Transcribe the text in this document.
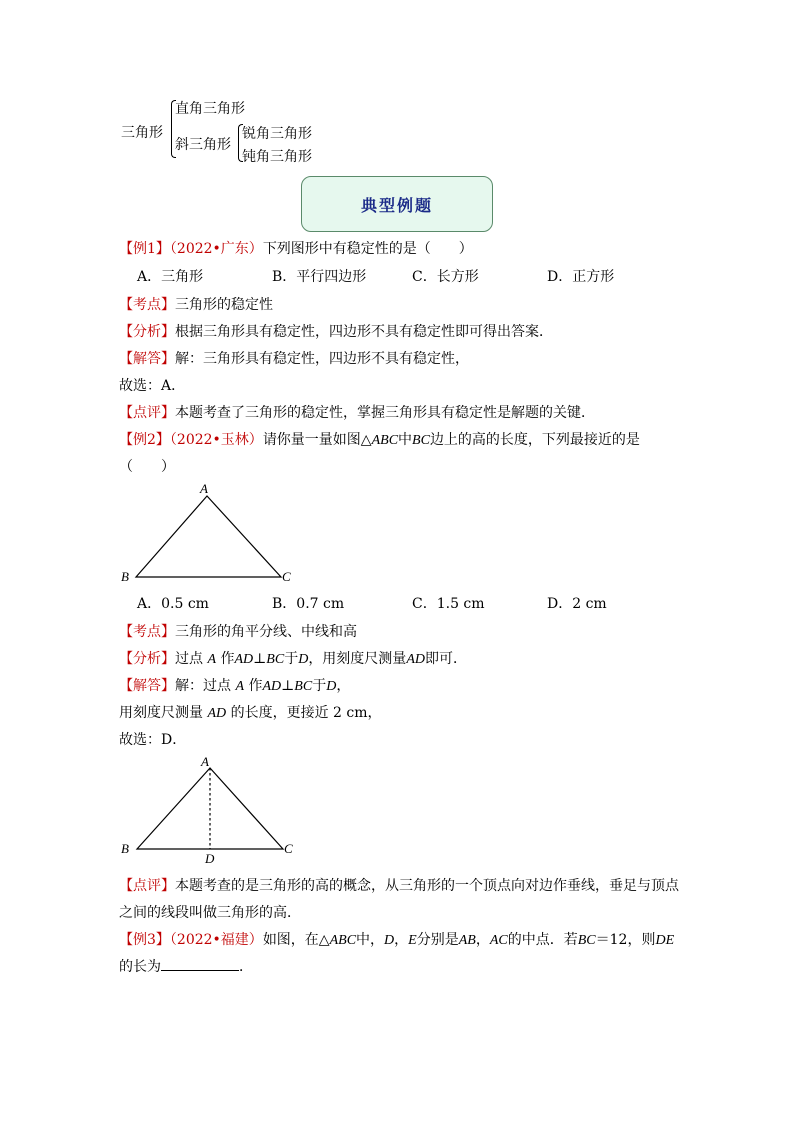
三角形
直角三角形
斜三角形
锐角三角形
钝角三角形
典型例题
【例1】（2022•广东）下列图形中有稳定性的是（　　）
A．三角形	B．平行四边形	C．长方形	D．正方形
【考点】三角形的稳定性
【分析】根据三角形具有稳定性，四边形不具有稳定性即可得出答案．
【解答】解：三角形具有稳定性，四边形不具有稳定性，
故选：A．
【点评】本题考查了三角形的稳定性，掌握三角形具有稳定性是解题的关键．
【例2】（2022•玉林）请你量一量如图△ABC中BC边上的高的长度，下列最接近的是
（　　）
A
B	C
A．0.5 cm	B．0.7 cm	C．1.5 cm	D．2 cm
【考点】三角形的角平分线、中线和高
【分析】过点 A 作AD⊥BC于D，用刻度尺测量AD即可．
【解答】解：过点 A 作AD⊥BC于D，
用刻度尺测量 AD 的长度，更接近 2 cm，
故选：D．
A
B	C
D
【点评】本题考查的是三角形的高的概念，从三角形的一个顶点向对边作垂线，垂足与顶点
之间的线段叫做三角形的高．
【例3】（2022•福建）如图，在△ABC中，D，E分别是AB，AC的中点．若BC＝12，则DE
的长为	．
